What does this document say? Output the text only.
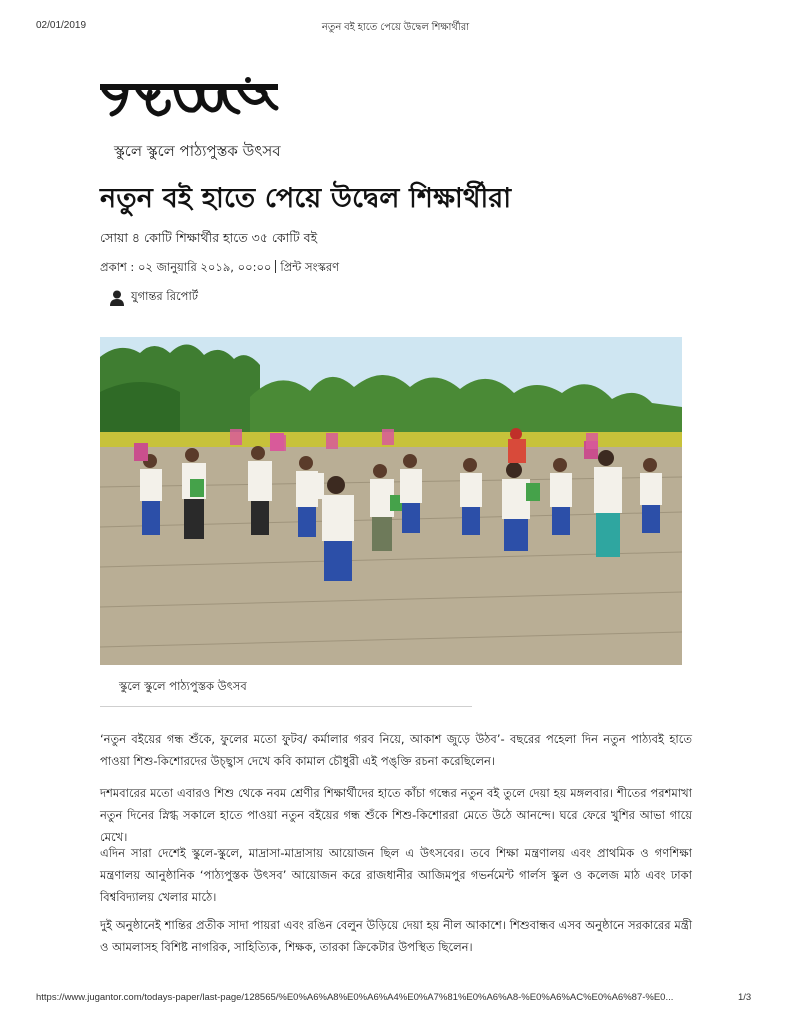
02/01/2019	নতুন বই হাতে পেয়ে উদ্বেল শিক্ষার্থীরা
স্কুলে স্কুলে পাঠ্যপুস্তক উৎসব
নতুন বই হাতে পেয়ে উদ্বেল শিক্ষার্থীরা
সোয়া ৪ কোটি শিক্ষার্থীর হাতে ৩৫ কোটি বই
প্রকাশ : ০২ জানুয়ারি ২০১৯, ০০:০০ প্রিন্ট সংস্করণ
যুগান্তর রিপোর্ট
স্কুলে স্কুলে পাঠ্যপুস্তক উৎসব

‘নতুন বইয়ের গন্ধ শুঁকে, ফুলের মতো ফুটব/ কর্মালার গরব নিয়ে, আকাশ জুড়ে উঠব’- বছরের পহেলা দিন নতুন পাঠ্যবই হাতে পাওয়া শিশু-কিশোরদের উচ্ছ্বাস দেখে কবি কামাল চৌধুরী এই পঙ্‌ক্তি রচনা করেছিলেন।

দশমবারের মতো এবারও শিশু থেকে নবম শ্রেণীর শিক্ষার্থীদের হাতে কাঁচা গন্ধের নতুন বই তুলে দেয়া হয় মঙ্গলবার। শীতের পরশমাখা নতুন দিনের স্নিগ্ধ সকালে হাতে পাওয়া নতুন বইয়ের গন্ধ শুঁকে শিশু-কিশোররা মেতে উঠে আনন্দে। ঘরে ফেরে খুশির আভা গায়ে মেখে।

এদিন সারা দেশেই স্কুলে-স্কুলে, মাদ্রাসা-মাদ্রাসায় আয়োজন ছিল এ উৎসবের। তবে শিক্ষা মন্ত্রণালয় এবং প্রাথমিক ও গণশিক্ষা মন্ত্রণালয় আনুষ্ঠানিক ‘পাঠ্যপুস্তক উৎসব’ আয়োজন করে রাজধানীর আজিমপুর গভর্নমেন্ট গার্লস স্কুল ও কলেজ মাঠ এবং ঢাকা বিশ্ববিদ্যালয় খেলার মাঠে।

দুই অনুষ্ঠানেই শান্তির প্রতীক সাদা পায়রা এবং রঙিন বেলুন উড়িয়ে দেয়া হয় নীল আকাশে। শিশুবান্ধব এসব অনুষ্ঠানে সরকারের মন্ত্রী ও আমলাসহ বিশিষ্ট নাগরিক, সাহিত্যিক, শিক্ষক, তারকা ক্রিকেটার উপস্থিত ছিলেন।

https://www.jugantor.com/todays-paper/last-page/128565/%E0%A6%A8%E0%A6%A4%E0%A7%81%E0%A6%A8-%E0%A6%AC%E0%A6%87-%E0...	1/3
